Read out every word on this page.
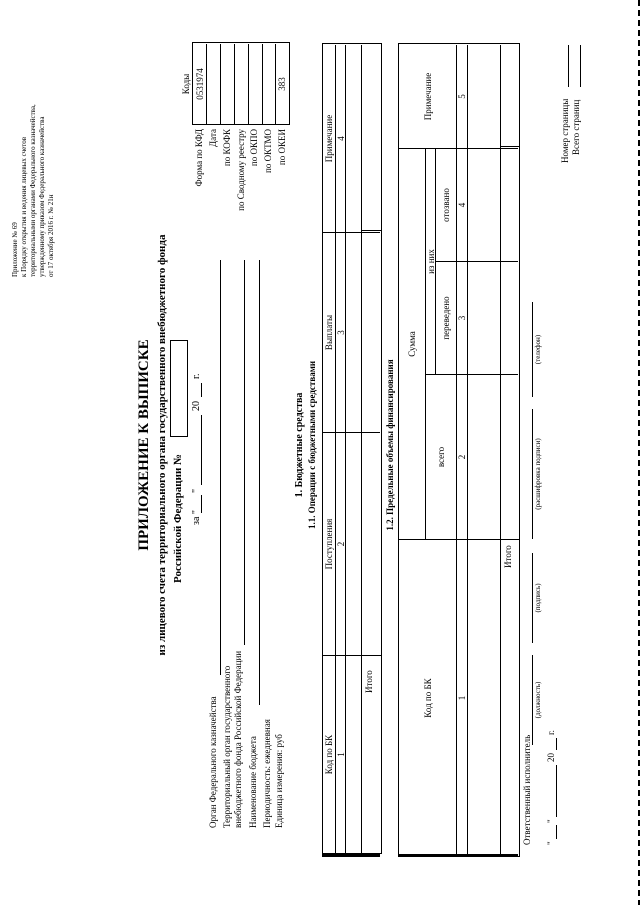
Приложение № 69 к Порядку открытия и ведения лицевых счетов территориальными органами Федерального казначейства, утвержденному приказом Федерального казначейства от 17 октября 2016 г. № 21н
ПРИЛОЖЕНИЕ К ВЫПИСКЕ из лицевого счета территориального органа государственного внебюджетного фонда Российской Федерации № за "
"
20
г.
Коды 0531974	383
Форма по КФД Дата по КОФК по Сводному реестру по ОКПО по ОКТМО по ОКЕИ
Орган Федерального казначейства Территориальный орган государственного внебюджетного фонда Российской Федерации Наименование бюджета Периодичность: ежедневная Единица измерения: руб
1. Бюджетные средства 1.1. Операции с бюджетными средствами
Код по БК
Поступления
Выплаты
Примечание
1
2
3
4
Итого
1.2. Предельные объемы финансирования
Код по БК
Сумма
всего
из них
переведено
отозвано
Примечание
1
2
3
4
5
Итого
Ответственный исполнитель
(должность)
(подпись)
(расшифровка подписи)
(телефон)
"
"
20
г.
Номер страницы Всего страниц
